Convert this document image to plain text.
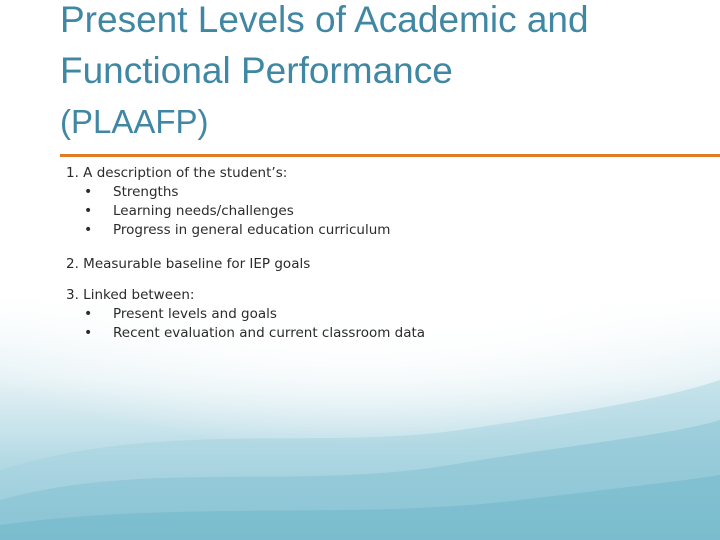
Present Levels of Academic and
Functional Performance
(PLAAFP)
1. A description of the student’s:
• Strengths
• Learning needs/challenges
• Progress in general education curriculum
2. Measurable baseline for IEP goals
3. Linked between:
• Present levels and goals
• Recent evaluation and current classroom data
